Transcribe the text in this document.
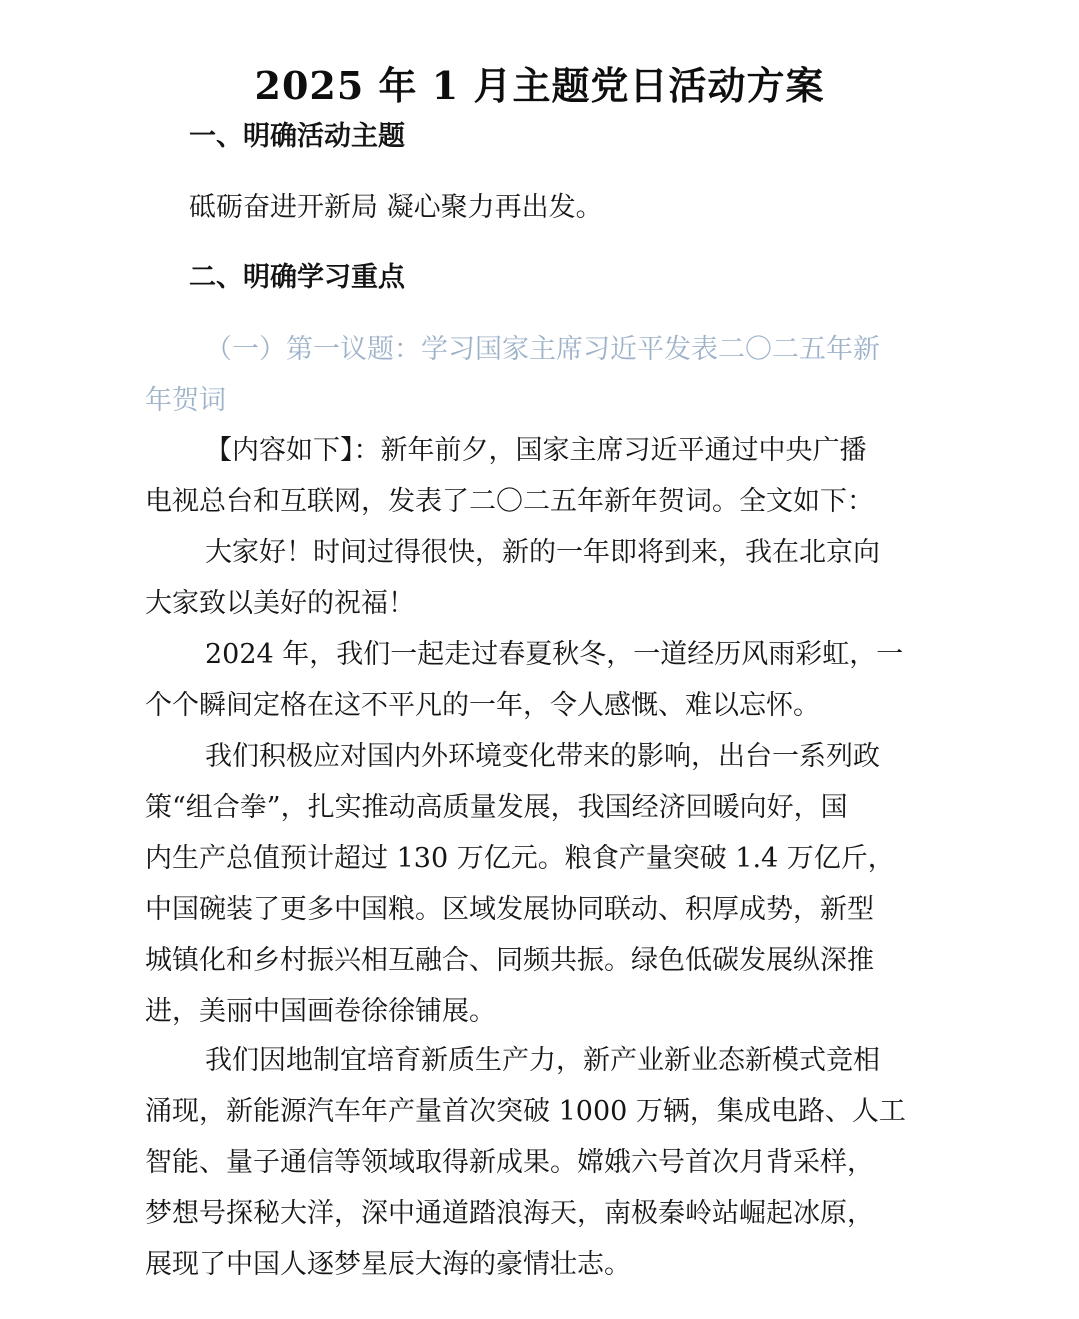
2025 年 1 月主题党日活动方案
一、明确活动主题

砥砺奋进开新局 凝心聚力再出发。

二、明确学习重点

（一）第一议题：学习国家主席习近平发表二〇二五年新
年贺词

【内容如下】：新年前夕，国家主席习近平通过中央广播
电视总台和互联网，发表了二〇二五年新年贺词。全文如下：

大家好！时间过得很快，新的一年即将到来，我在北京向
大家致以美好的祝福！

2024 年，我们一起走过春夏秋冬，一道经历风雨彩虹，一
个个瞬间定格在这不平凡的一年，令人感慨、难以忘怀。

我们积极应对国内外环境变化带来的影响，出台一系列政
策“组合拳”，扎实推动高质量发展，我国经济回暖向好，国
内生产总值预计超过 130 万亿元。粮食产量突破 1.4 万亿斤，
中国碗装了更多中国粮。区域发展协同联动、积厚成势，新型
城镇化和乡村振兴相互融合、同频共振。绿色低碳发展纵深推
进，美丽中国画卷徐徐铺展。

我们因地制宜培育新质生产力，新产业新业态新模式竞相
涌现，新能源汽车年产量首次突破 1000 万辆，集成电路、人工
智能、量子通信等领域取得新成果。嫦娥六号首次月背采样，
梦想号探秘大洋，深中通道踏浪海天，南极秦岭站崛起冰原，
展现了中国人逐梦星辰大海的豪情壮志。
